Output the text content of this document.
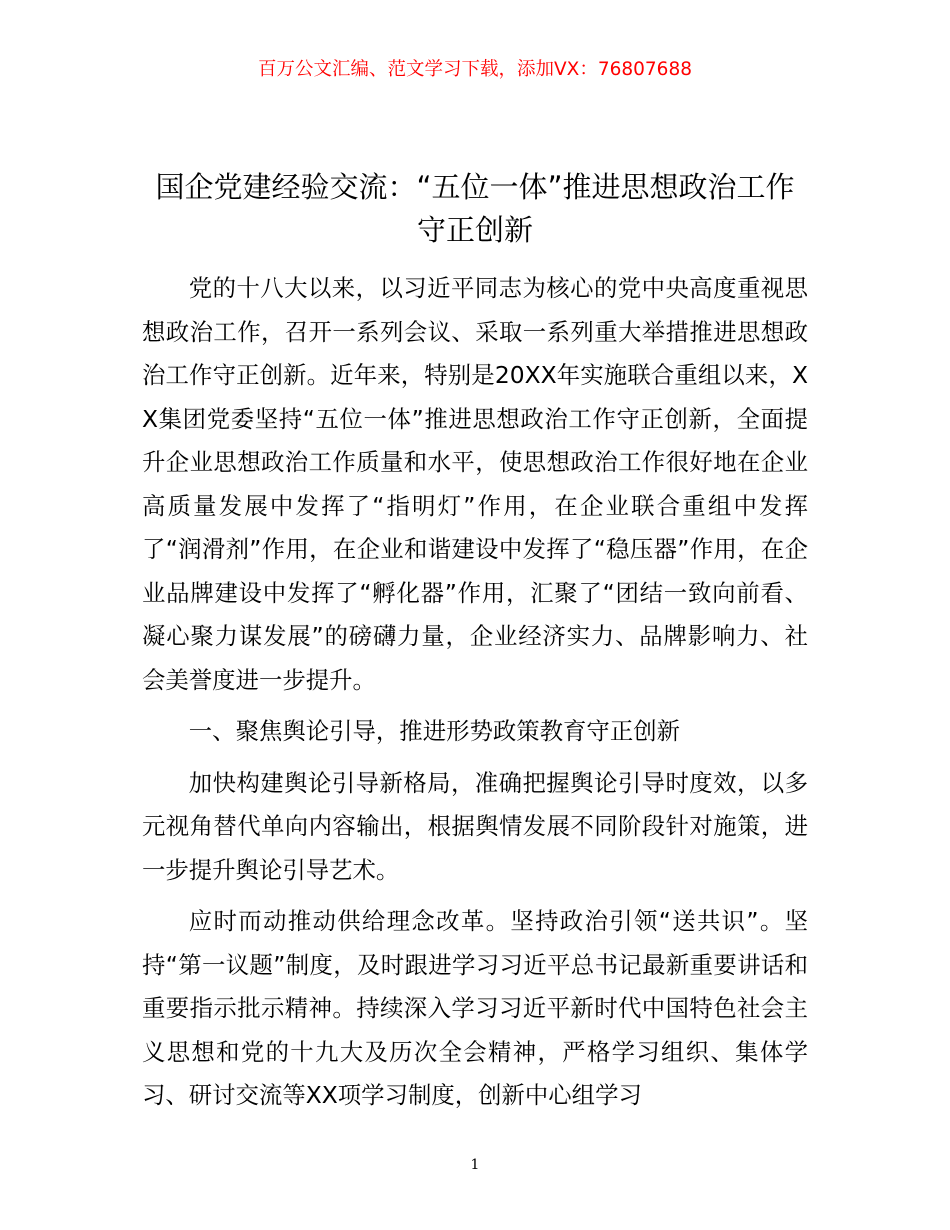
百万公文汇编、范文学习下载，添加VX：76807688
国企党建经验交流：“五位一体”推进思想政治工作守正创新

党的十八大以来，以习近平同志为核心的党中央高度重视思想政治工作，召开一系列会议、采取一系列重大举措推进思想政治工作守正创新。近年来，特别是20XX年实施联合重组以来，XX集团党委坚持“五位一体”推进思想政治工作守正创新，全面提升企业思想政治工作质量和水平，使思想政治工作很好地在企业高质量发展中发挥了“指明灯”作用，在企业联合重组中发挥了“润滑剂”作用，在企业和谐建设中发挥了“稳压器”作用，在企业品牌建设中发挥了“孵化器”作用，汇聚了“团结一致向前看、凝心聚力谋发展”的磅礴力量，企业经济实力、品牌影响力、社会美誉度进一步提升。

一、聚焦舆论引导，推进形势政策教育守正创新

加快构建舆论引导新格局，准确把握舆论引导时度效，以多元视角替代单向内容输出，根据舆情发展不同阶段针对施策，进一步提升舆论引导艺术。

应时而动推动供给理念改革。坚持政治引领“送共识”。坚持“第一议题”制度，及时跟进学习习近平总书记最新重要讲话和重要指示批示精神。持续深入学习习近平新时代中国特色社会主义思想和党的十九大及历次全会精神，严格学习组织、集体学习、研讨交流等XX项学习制度，创新中心组学习

1
